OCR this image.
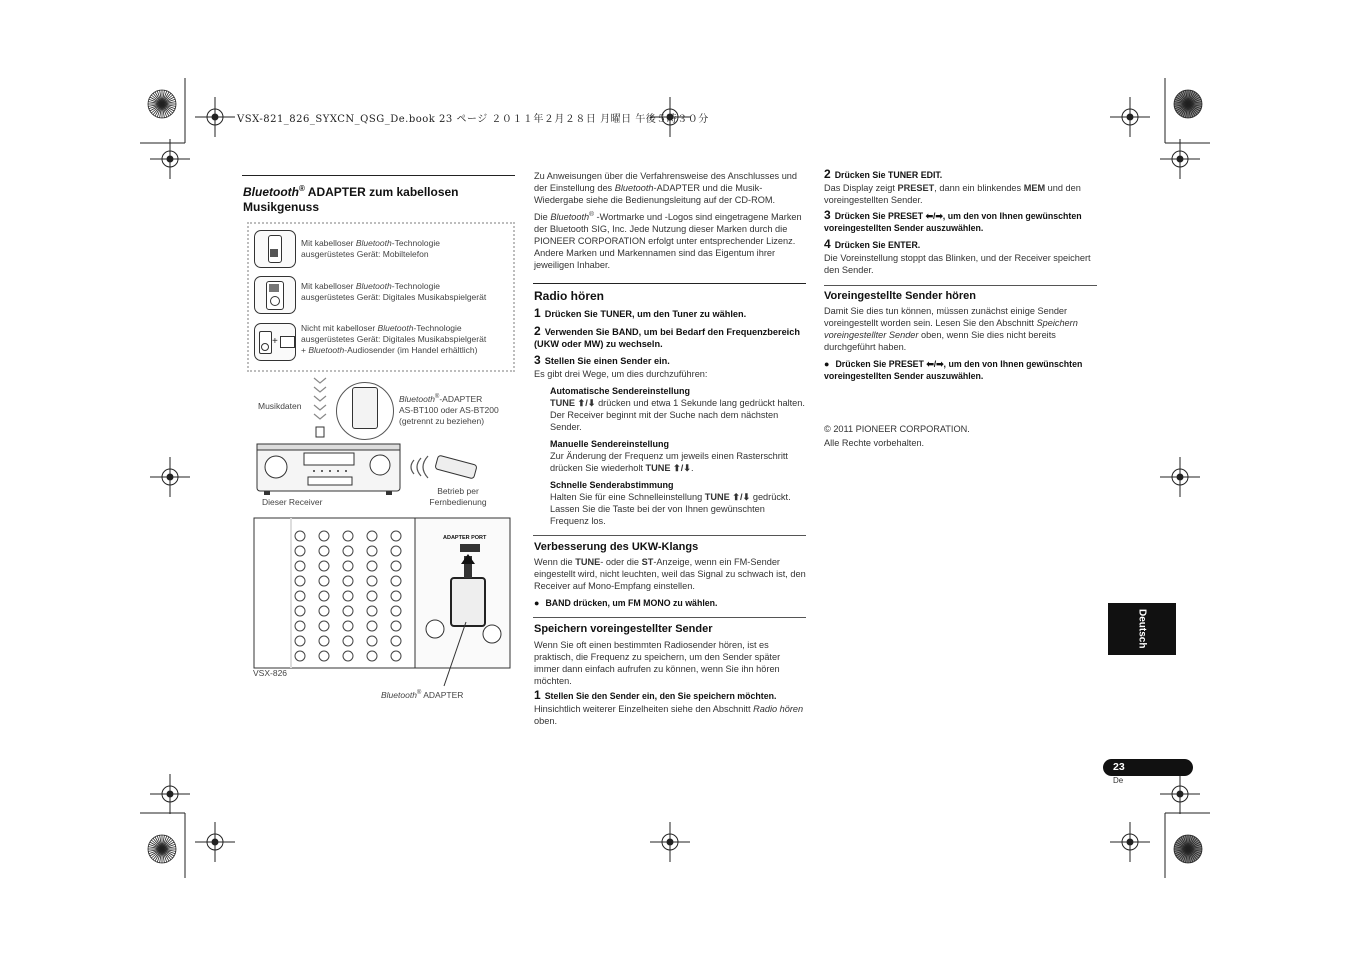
VSX-821_826_SYXCN_QSG_De.book 23 ページ ２０１１年２月２８日 月曜日 午後５時３０分
Bluetooth® ADAPTER zum kabellosen
Musikgenuss
+
Mit kabelloser Bluetooth-Technologie
ausgerüstetes Gerät: Mobiltelefon
Mit kabelloser Bluetooth-Technologie
ausgerüstetes Gerät: Digitales Musikabspielgerät
Nicht mit kabelloser Bluetooth-Technologie
ausgerüstetes Gerät: Digitales Musikabspielgerät
+ Bluetooth-Audiosender (im Handel erhältlich)
Musikdaten
Bluetooth®-ADAPTER
AS-BT100 oder AS-BT200
(getrennt zu beziehen)
Dieser Receiver
Betrieb per
Fernbedienung
ADAPTER PORT
VSX-826
Bluetooth® ADAPTER
Zu Anweisungen über die Verfahrensweise des Anschlusses und der Einstellung des Bluetooth-ADAPTER und die Musik-Wiedergabe siehe die Bedienungsleitung auf der CD-ROM.
Die Bluetooth® -Wortmarke und -Logos sind eingetragene Marken der Bluetooth SIG, Inc. Jede Nutzung dieser Marken durch die PIONEER CORPORATION erfolgt unter entsprechender Lizenz. Andere Marken und Markennamen sind das Eigentum ihrer jeweiligen Inhaber.
Radio hören
1 Drücken Sie TUNER, um den Tuner zu wählen.
2 Verwenden Sie BAND, um bei Bedarf den Frequenzbereich (UKW oder MW) zu wechseln.
3 Stellen Sie einen Sender ein.
Es gibt drei Wege, um dies durchzuführen:
Automatische Sendereinstellung
TUNE ⬆/⬇ drücken und etwa 1 Sekunde lang gedrückt halten. Der Receiver beginnt mit der Suche nach dem nächsten Sender.
Manuelle Sendereinstellung
Zur Änderung der Frequenz um jeweils einen Rasterschritt drücken Sie wiederholt TUNE ⬆/⬇.
Schnelle Senderabstimmung
Halten Sie für eine Schnelleinstellung TUNE ⬆/⬇ gedrückt. Lassen Sie die Taste bei der von Ihnen gewünschten Frequenz los.
Verbesserung des UKW-Klangs
Wenn die TUNE- oder die ST-Anzeige, wenn ein FM-Sender eingestellt wird, nicht leuchten, weil das Signal zu schwach ist, den Receiver auf Mono-Empfang einstellen.
● BAND drücken, um FM MONO zu wählen.
Speichern voreingestellter Sender
Wenn Sie oft einen bestimmten Radiosender hören, ist es praktisch, die Frequenz zu speichern, um den Sender später immer dann einfach aufrufen zu können, wenn Sie ihn hören möchten.
1 Stellen Sie den Sender ein, den Sie speichern möchten.
Hinsichtlich weiterer Einzelheiten siehe den Abschnitt Radio hören oben.
2 Drücken Sie TUNER EDIT.
Das Display zeigt PRESET, dann ein blinkendes MEM und den voreingestellten Sender.
3 Drücken Sie PRESET ⬅/➡, um den von Ihnen gewünschten voreingestellten Sender auszuwählen.
4 Drücken Sie ENTER.
Die Voreinstellung stoppt das Blinken, und der Receiver speichert den Sender.
Voreingestellte Sender hören
Damit Sie dies tun können, müssen zunächst einige Sender voreingestellt worden sein. Lesen Sie den Abschnitt Speichern voreingestellter Sender oben, wenn Sie dies nicht bereits durchgeführt haben.
● Drücken Sie PRESET ⬅/➡, um den von Ihnen gewünschten voreingestellten Sender auszuwählen.
© 2011 PIONEER CORPORATION.
Alle Rechte vorbehalten.
Deutsch
23
De
